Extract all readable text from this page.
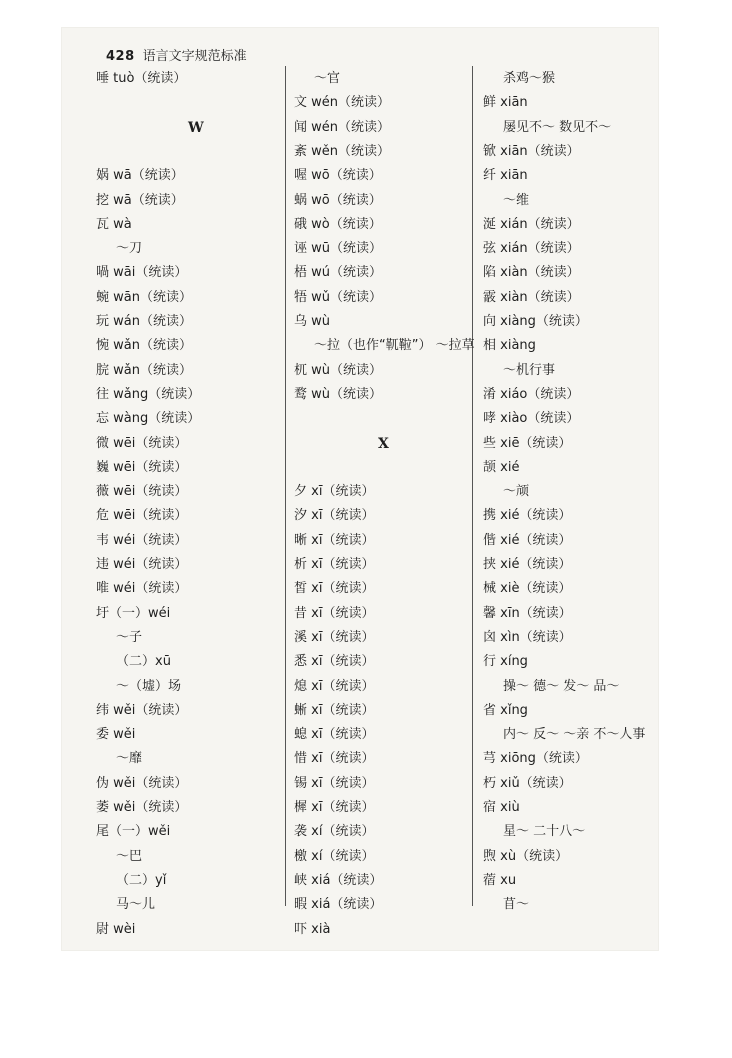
428 语言文字规范标准
唾 tuò（统读）
W
娲 wā（统读）
挖 wā（统读）
瓦 wà
～刀
喎 wāi（统读）
蜿 wān（统读）
玩 wán（统读）
惋 wǎn（统读）
脘 wǎn（统读）
往 wǎng（统读）
忘 wàng（统读）
微 wēi（统读）
巍 wēi（统读）
薇 wēi（统读）
危 wēi（统读）
韦 wéi（统读）
违 wéi（统读）
唯 wéi（统读）
圩（一）wéi
～子
（二）xū
～（墟）场
纬 wěi（统读）
委 wěi
～靡
伪 wěi（统读）
萎 wěi（统读）
尾（一）wěi
～巴
（二）yǐ
马～儿
尉 wèi
～官
文 wén（统读）
闻 wén（统读）
紊 wěn（统读）
喔 wō（统读）
蜗 wō（统读）
硪 wò（统读）
诬 wū（统读）
梧 wú（统读）
牾 wǔ（统读）
乌 wù
～拉（也作“靰鞡”） ～拉草
杌 wù（统读）
鹜 wù（统读）
X
夕 xī（统读）
汐 xī（统读）
晰 xī（统读）
析 xī（统读）
皙 xī（统读）
昔 xī（统读）
溪 xī（统读）
悉 xī（统读）
熄 xī（统读）
蜥 xī（统读）
螅 xī（统读）
惜 xī（统读）
锡 xī（统读）
樨 xī（统读）
袭 xí（统读）
檄 xí（统读）
峡 xiá（统读）
暇 xiá（统读）
吓 xià
杀鸡～猴
鲜 xiān
屡见不～ 数见不～
锨 xiān（统读）
纤 xiān
～维
涎 xián（统读）
弦 xián（统读）
陷 xiàn（统读）
霰 xiàn（统读）
向 xiàng（统读）
相 xiàng
～机行事
淆 xiáo（统读）
哮 xiào（统读）
些 xiē（统读）
颉 xié
～颃
携 xié（统读）
偕 xié（统读）
挟 xié（统读）
械 xiè（统读）
馨 xīn（统读）
囟 xìn（统读）
行 xíng
操～ 德～ 发～ 品～
省 xǐng
内～ 反～ ～亲 不～人事
芎 xiōng（统读）
朽 xiǔ（统读）
宿 xiù
星～ 二十八～
煦 xù（统读）
蓿 xu
苜～
